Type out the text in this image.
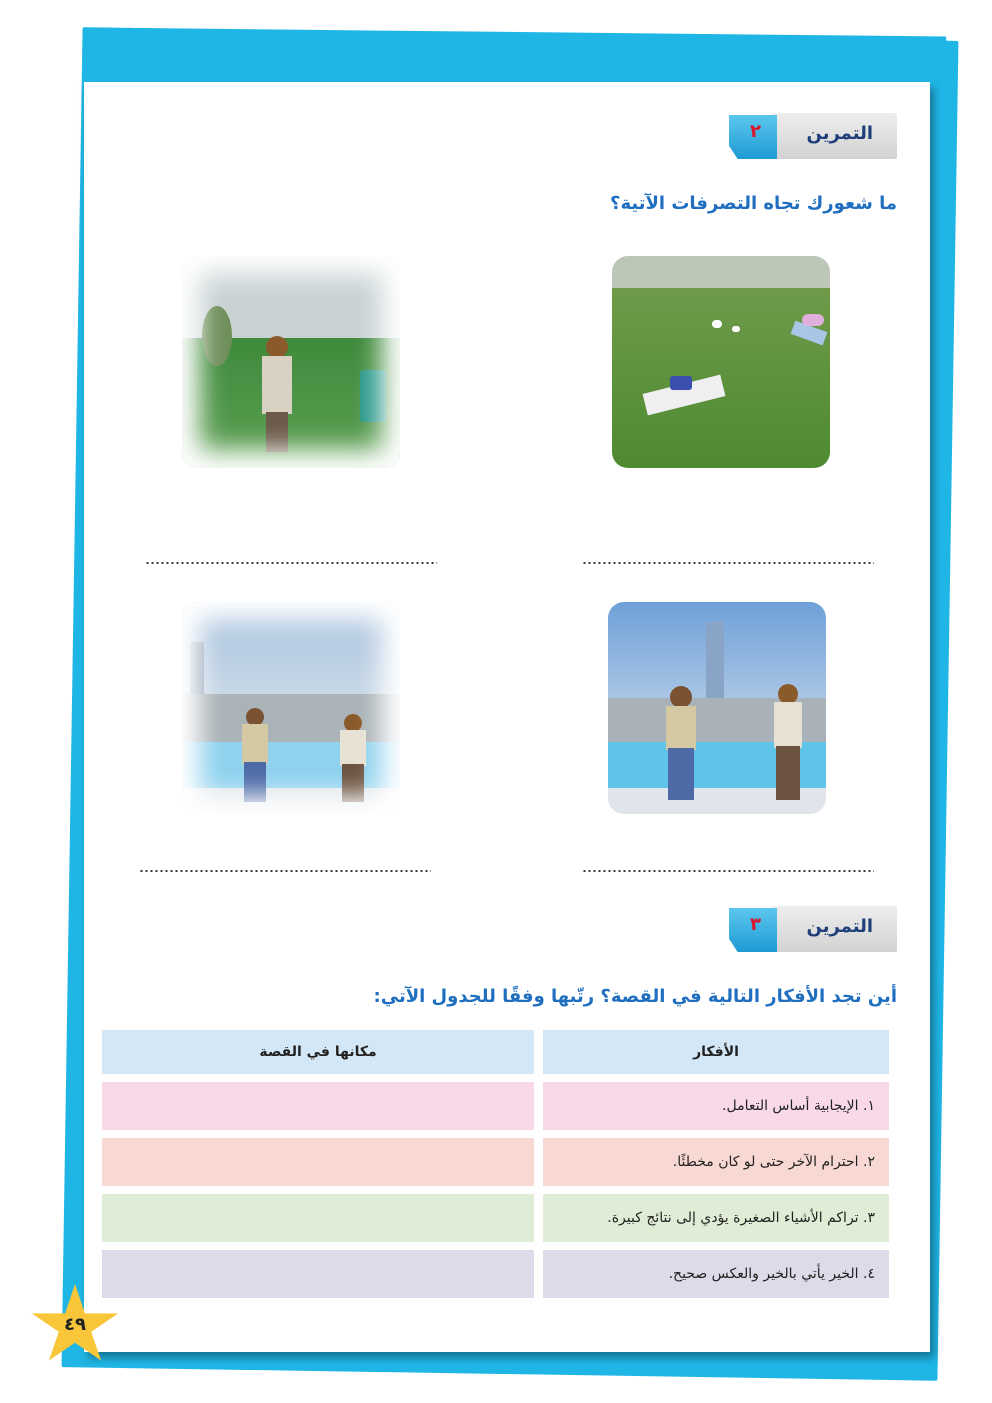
التمرين
٢
ما شعورك تجاه التصرفات الآتية؟
التمرين
٣
أين تجد الأفكار التالية في القصة؟ رتّبها وفقًا للجدول الآتي:
الأفكار
مكانها في القصة
١. الإيجابية أساس التعامل.
٢. احترام الآخر حتى لو كان مخطئًا.
٣. تراكم الأشياء الصغيرة يؤدي إلى نتائج كبيرة.
٤. الخير يأتي بالخير والعكس صحيح.
٤٩
